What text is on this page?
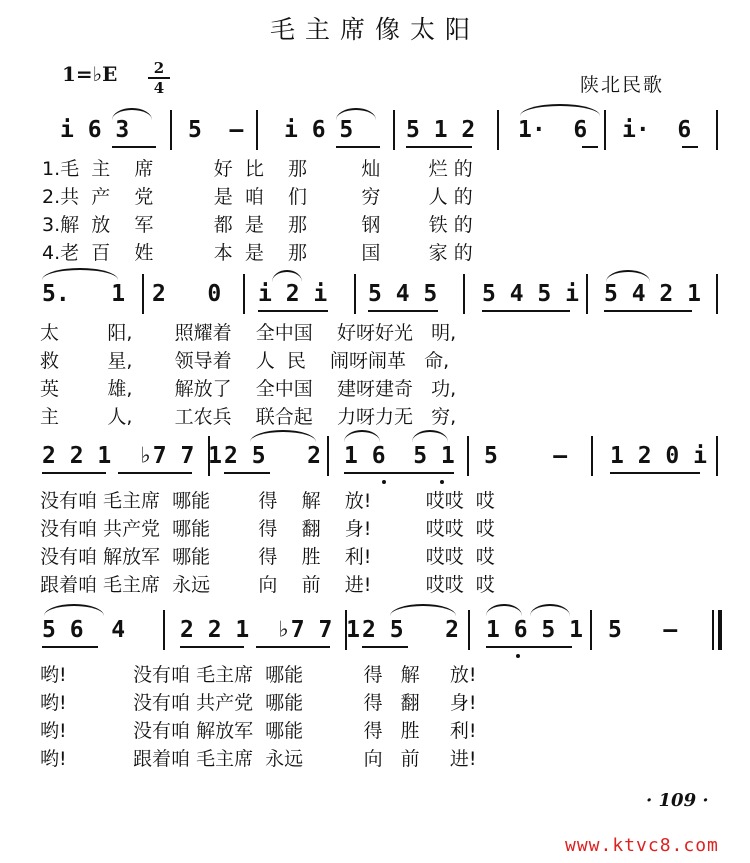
毛主席像太阳
1=♭E	2
4	陕北民歌
i 6 3	5  – i 6 5 5 1 2 1·  6 i·  6
1.毛  主    席          好  比    那         灿        烂 的
2.共  产    党          是  咱    们         穷        人 的
3.解  放    军          都  是    那         钢        铁 的
4.老  百    姓          本  是    那         国        家 的
5.   1 2   0 i 2 i 5 4 5 5 4 5 i 5 4 2 1
太        阳,       照耀着    全中国    好呀好光   明,
救        星,       领导着    人  民    闹呀闹革   命,
英        雄,       解放了    全中国    建呀建奇   功,
主        人,       工农兵    联合起    力呀力无   穷,
2 2 1  ♭7 7 1 2 5   2 1 6  5 1 5    – 1 2 0 i
没有咱 毛主席  哪能        得    解    放!         哎哎  哎
没有咱 共产党  哪能        得    翻    身!         哎哎  哎
没有咱 解放军  哪能        得    胜    利!         哎哎  哎
跟着咱 毛主席  永远        向    前    进!         哎哎  哎
5 6  4 2 2 1  ♭7 7 1 2 5   2 1 6 5 1 5   –
哟!           没有咱 毛主席  哪能          得   解     放!
哟!           没有咱 共产党  哪能          得   翻     身!
哟!           没有咱 解放军  哪能          得   胜     利!
哟!           跟着咱 毛主席  永远          向   前     进!
· 109 ·
www.ktvc8.com
